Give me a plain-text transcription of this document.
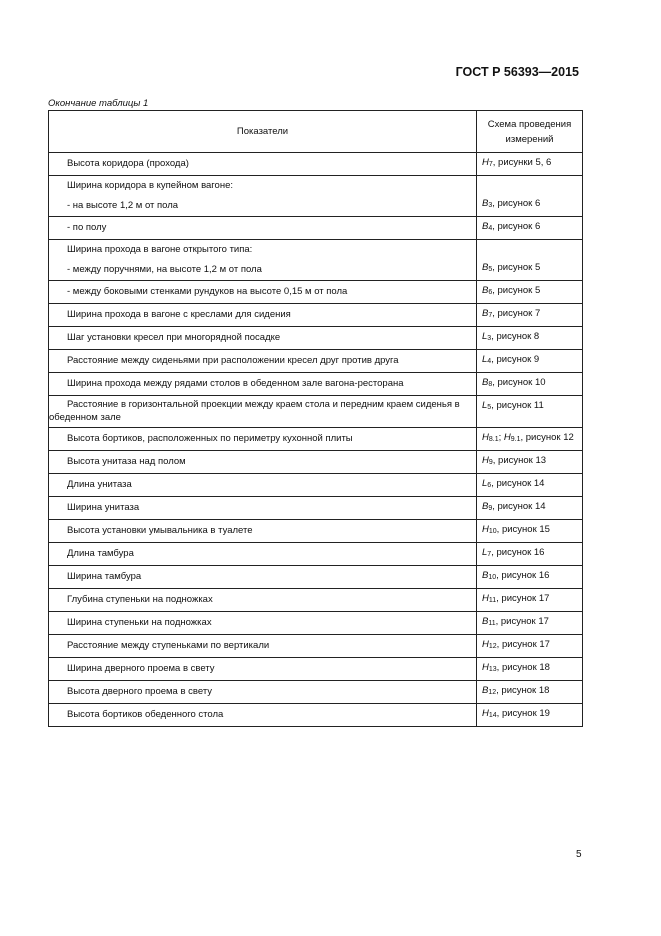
ГОСТ Р 56393—2015
Окончание таблицы 1
Показатели	Схема проведения
измерений

Высота коридора (прохода)	$H_7$, рисунки 5, 6

Ширина коридора в купейном вагоне:

- на высоте 1,2 м от пола	$B_3$, рисунок 6

- по полу	$B_4$, рисунок 6

Ширина прохода в вагоне открытого типа:

- между поручнями, на высоте 1,2 м от пола	$B_5$, рисунок 5

- между боковыми стенками рундуков на высоте 0,15 м от пола	$B_6$, рисунок 5

Ширина прохода в вагоне с креслами для сидения	$B_7$, рисунок 7

Шаг установки кресел при многорядной посадке	$L_3$, рисунок 8

Расстояние между сиденьями при расположении кресел друг против друга	$L_4$, рисунок 9

Ширина прохода между рядами столов в обеденном зале вагона-ресторана	$B_8$, рисунок 10

Расстояние в горизонтальной проекции между краем стола и передним краем сиденья в обеденном зале	$L_5$, рисунок 11

Высота бортиков, расположенных по периметру кухонной плиты	$H_{8.1}$; $H_{9.1}$, рисунок 12

Высота унитаза над полом	$H_9$, рисунок 13

Длина унитаза	$L_6$, рисунок 14

Ширина унитаза	$B_9$, рисунок 14

Высота установки умывальника в туалете	$H_{10}$, рисунок 15

Длина тамбура	$L_7$, рисунок 16

Ширина тамбура	$B_{10}$, рисунок 16

Глубина ступеньки на подножках	$H_{11}$, рисунок 17

Ширина ступеньки на подножках	$B_{11}$, рисунок 17

Расстояние между ступеньками по вертикали	$H_{12}$, рисунок 17

Ширина дверного проема в свету	$H_{13}$, рисунок 18

Высота дверного проема в свету	$B_{12}$, рисунок 18

Высота бортиков обеденного стола	$H_{14}$, рисунок 19
5
